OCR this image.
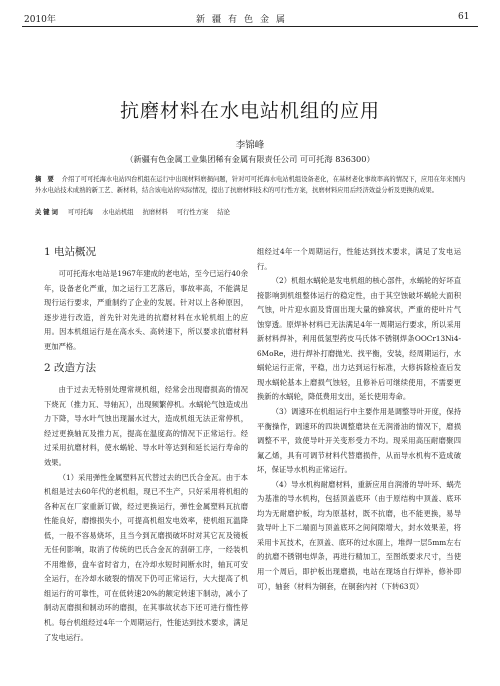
2010年	新疆有色金属	61
抗磨材料在水电站机组的应用
李锦峰
（新疆有色金属工业集团稀有金属有限责任公司 可可托海 836300）
摘 要 介绍了可可托海水电站四台机组在运行中出现材料磨损问题，针对可可托海水电站机组设备老化，在基材老化事故率高的情况下，应用在年来国内外水电站技术成熟的新工艺、新材料，结合该电站的实际情况，提出了抗磨材料技术的可行性方案，抗磨材料应用后经济效益分析及更换的成果。
关键词 可可托海 水电站机组 抗磨材料 可行性方案 结论
1 电站概况

可可托海水电站是1967年建成的老电站，至今已运行40余年，设备老化严重，加之运行工艺落后，事故率高，不能满足现行运行要求，严重制约了企业的发展。针对以上各种原因，逐步进行改造，首先针对先进的抗磨材料在水轮机组上的应用。因本机组运行是在高水头、高转速下，所以要求抗磨材料更加严格。

2 改造方法

由于过去无特别处理常规机组，经常会出现磨损高的情况下烧瓦（推力瓦、导轴瓦），出现频繁停机。水蜗轮气蚀造成出力下降，导水叶气蚀出现漏水过大，造成机组无法正常停机，经过更换轴瓦及推力瓦，提高在温度高的情况下正常运行。经过采用抗磨材料，使水蜗轮、导水叶等达到和延长运行寿命的效果。

（1）采用弹性金属塑料瓦代替过去的巴氏合金瓦。由于本机组是过去60年代的老机组，现已不生产，只好采用将机组的各种瓦在厂家重新订做，经过更换运行，弹性金属塑料瓦抗磨性能良好，磨擦损失小，可提高机组发电效率，使机组瓦温降低，一般不容易烧坏，且当今到瓦磨损破坏时对其它瓦及镜板无任何影响，取消了传统的巴氏合金瓦的刮研工序，一经装机不用维修，盘车省时省力，在冷却水短时间断水时，轴瓦可安全运行，在冷却水破裂的情况下仍可正常运行，大大提高了机组运行的可靠性，可在低转速20%的额定转速下制动，减小了制动瓦磨损和制动环的磨损，在其事故状态下还可进行惰性停机。每台机组经过4年一个周期运行，性能达到技术要求，满足了发电运行。

组经过4年一个周期运行，性能达到技术要求，满足了发电运行。

（2）机组水蜗轮是发电机组的核心部件，水蜗轮的好坏直接影响到机组整体运行的稳定性，由于其空蚀破坏蜗轮大面积气蚀，叶片迎水面及背面出现大量的蜂窝状，严重的使叶片气蚀穿透。原焊补材料已无法满足4年一周期运行要求，所以采用新材料焊补，利用低氢型药皮马氏体不锈钢焊条OOCr13Ni4-6MoRe，进行焊补打磨抛光、找平衡，安装，经周期运行，水蜗轮运行正常，平稳，出力达到运行标准，大修拆除检查后发现水蜗轮基本上磨损气蚀轻，且修补后可继续使用，不需要更换新的水蜗轮，降低费用支出，延长使用寿命。

（3）调速环在机组运行中主要作用是调整导叶开度，保持平衡操作，调速环的四块调整磨块在无润滑油的情况下，磨损调整不平，致使导叶开关变形受力不均。现采用高压耐磨聚四氟乙烯，具有可调节材料代替磨损件，从而导水机构不造成破坏，保证导水机构正常运行。

（4）导水机构耐磨材料，重新应用自润滑的导叶环、蜗壳为基准的导水机构，包括顶盖底环（由于原结构中顶盖、底环均为无耐磨护板，均为原基材，既不抗磨，也不能更换，易导致导叶上下二端面与顶盖底环之间间隙增大，封水效果差，将采用卡瓦技术，在顶盖、底环的过水面上，堆焊一层5mm左右的抗磨不锈钢电焊条，再进行精加工，至图纸要求尺寸，当使用一个周后，即护板出现磨损，电站在现场自行焊补，修补即可），轴套（材料为铜套，在铜套内衬（下转63页）
